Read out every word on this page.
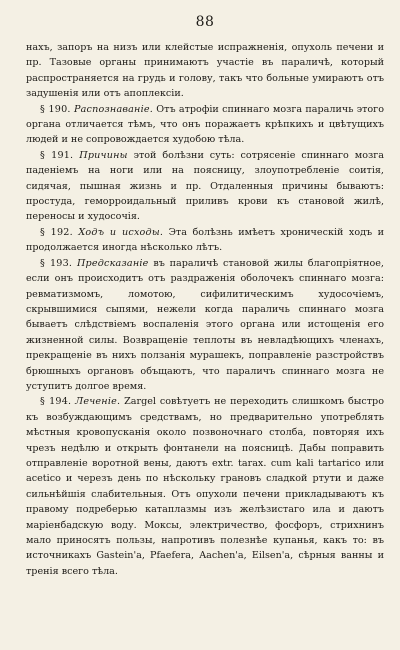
88

нахъ, запоръ на низъ или клейстые испражненія, опухоль печени и пр. Тазовые органы принимаютъ участіе въ параличѣ, который распространяется на грудь и голову, такъ что больные умираютъ отъ задушенія или отъ апоплексіи.

§ 190. Распознаваніе. Отъ атрофіи спиннаго мозга параличь этого органа отличается тѣмъ, что онъ поражаетъ крѣпкихъ и цвѣтущихъ людей и не сопровождается худобою тѣла.

§ 191. Причины этой болѣзни суть: сотрясеніе спиннаго мозга паденіемъ на ноги или на поясницу, злоупотребленіе соитія, сидячая, пышная жизнь и пр. Отдаленныя причины бываютъ: простуда, геморроидальный приливъ крови къ становой жилѣ, переносы и худосочія.

§ 192. Ходъ и исходы. Эта болѣзнь имѣетъ хроническій ходъ и продолжается иногда нѣсколько лѣтъ.

§ 193. Предсказаніе въ параличѣ становой жилы благопріятное, если онъ происходитъ отъ раздраженія оболочекъ спиннаго мозга: ревматизмомъ, ломотою, сифилитическимъ худосочіемъ, скрывшимися сыпями, нежели когда параличь спиннаго мозга бываетъ слѣдствіемъ воспаленія этого органа или истощенія его жизненной силы. Возвращеніе теплоты въ невладѣющихъ членахъ, прекращеніе въ нихъ ползанія мурашекъ, поправленіе разстройствъ брюшныхъ органовъ объщаютъ, что параличъ спиннаго мозга не уступитъ долгое время.

§ 194. Леченіе. Zargel совѣтуетъ не переходить слишкомъ быстро къ возбуждающимъ средствамъ, но предварительно употреблять мѣстныя кровопусканія около позвоночнаго столба, повторяя ихъ чрезъ недѣлю и открыть фонтанели на поясницѣ. Дабы поправить отправленіе воротной вены, даютъ extr. taraх. cum kali tartarico или acetico и черезъ день по нѣскольку грановъ сладкой ртути и даже сильнѣйшія слабительныя. Отъ опухоли печени прикладываютъ къ правому подреберью катаплазмы изъ желѣзистаго ила и даютъ маріенбадскую воду. Моксы, электричество, фосфоръ, стрихнинъ мало приносятъ пользы, напротивъ полезнѣе купанья, какъ то: въ источникахъ Gastein'a, Pfaefera, Aachen'a, Eilsen'a, сѣрныя ванны и тренія всего тѣла.
